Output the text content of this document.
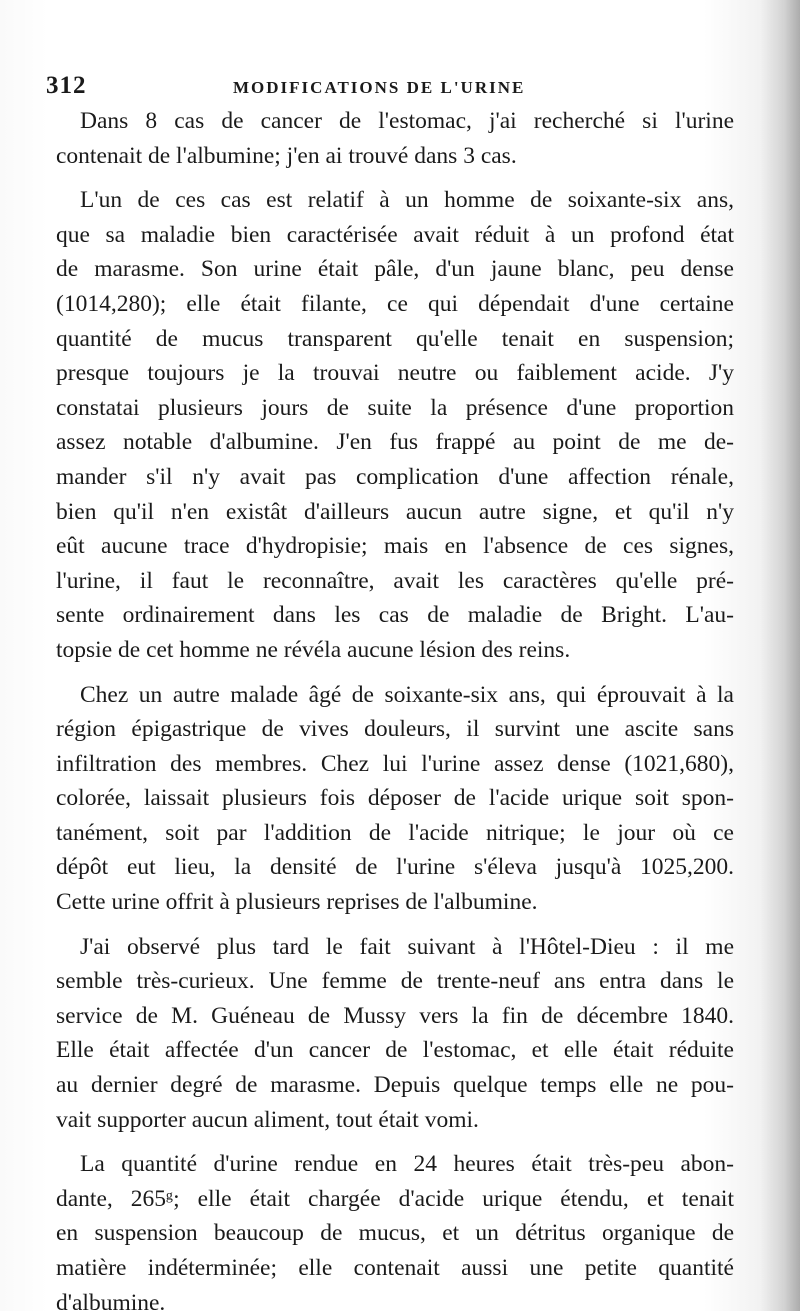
312	MODIFICATIONS DE L'URINE
Dans 8 cas de cancer de l'estomac, j'ai recherché si l'urine
contenait de l'albumine; j'en ai trouvé dans 3 cas.
L'un de ces cas est relatif à un homme de soixante-six ans,
que sa maladie bien caractérisée avait réduit à un profond état
de marasme. Son urine était pâle, d'un jaune blanc, peu dense
(1014,280); elle était filante, ce qui dépendait d'une certaine
quantité de mucus transparent qu'elle tenait en suspension;
presque toujours je la trouvai neutre ou faiblement acide. J'y
constatai plusieurs jours de suite la présence d'une proportion
assez notable d'albumine. J'en fus frappé au point de me de-
mander s'il n'y avait pas complication d'une affection rénale,
bien qu'il n'en existât d'ailleurs aucun autre signe, et qu'il n'y
eût aucune trace d'hydropisie; mais en l'absence de ces signes,
l'urine, il faut le reconnaître, avait les caractères qu'elle pré-
sente ordinairement dans les cas de maladie de Bright. L'au-
topsie de cet homme ne révéla aucune lésion des reins.
Chez un autre malade âgé de soixante-six ans, qui éprouvait à la
région épigastrique de vives douleurs, il survint une ascite sans
infiltration des membres. Chez lui l'urine assez dense (1021,680),
colorée, laissait plusieurs fois déposer de l'acide urique soit spon-
tanément, soit par l'addition de l'acide nitrique; le jour où ce
dépôt eut lieu, la densité de l'urine s'éleva jusqu'à 1025,200.
Cette urine offrit à plusieurs reprises de l'albumine.
J'ai observé plus tard le fait suivant à l'Hôtel-Dieu : il me
semble très-curieux. Une femme de trente-neuf ans entra dans le
service de M. Guéneau de Mussy vers la fin de décembre 1840.
Elle était affectée d'un cancer de l'estomac, et elle était réduite
au dernier degré de marasme. Depuis quelque temps elle ne pou-
vait supporter aucun aliment, tout était vomi.
La quantité d'urine rendue en 24 heures était très-peu abon-
dante, 265ᵍ; elle était chargée d'acide urique étendu, et tenait
en suspension beaucoup de mucus, et un détritus organique de
matière indéterminée; elle contenait aussi une petite quantité
d'albumine.
